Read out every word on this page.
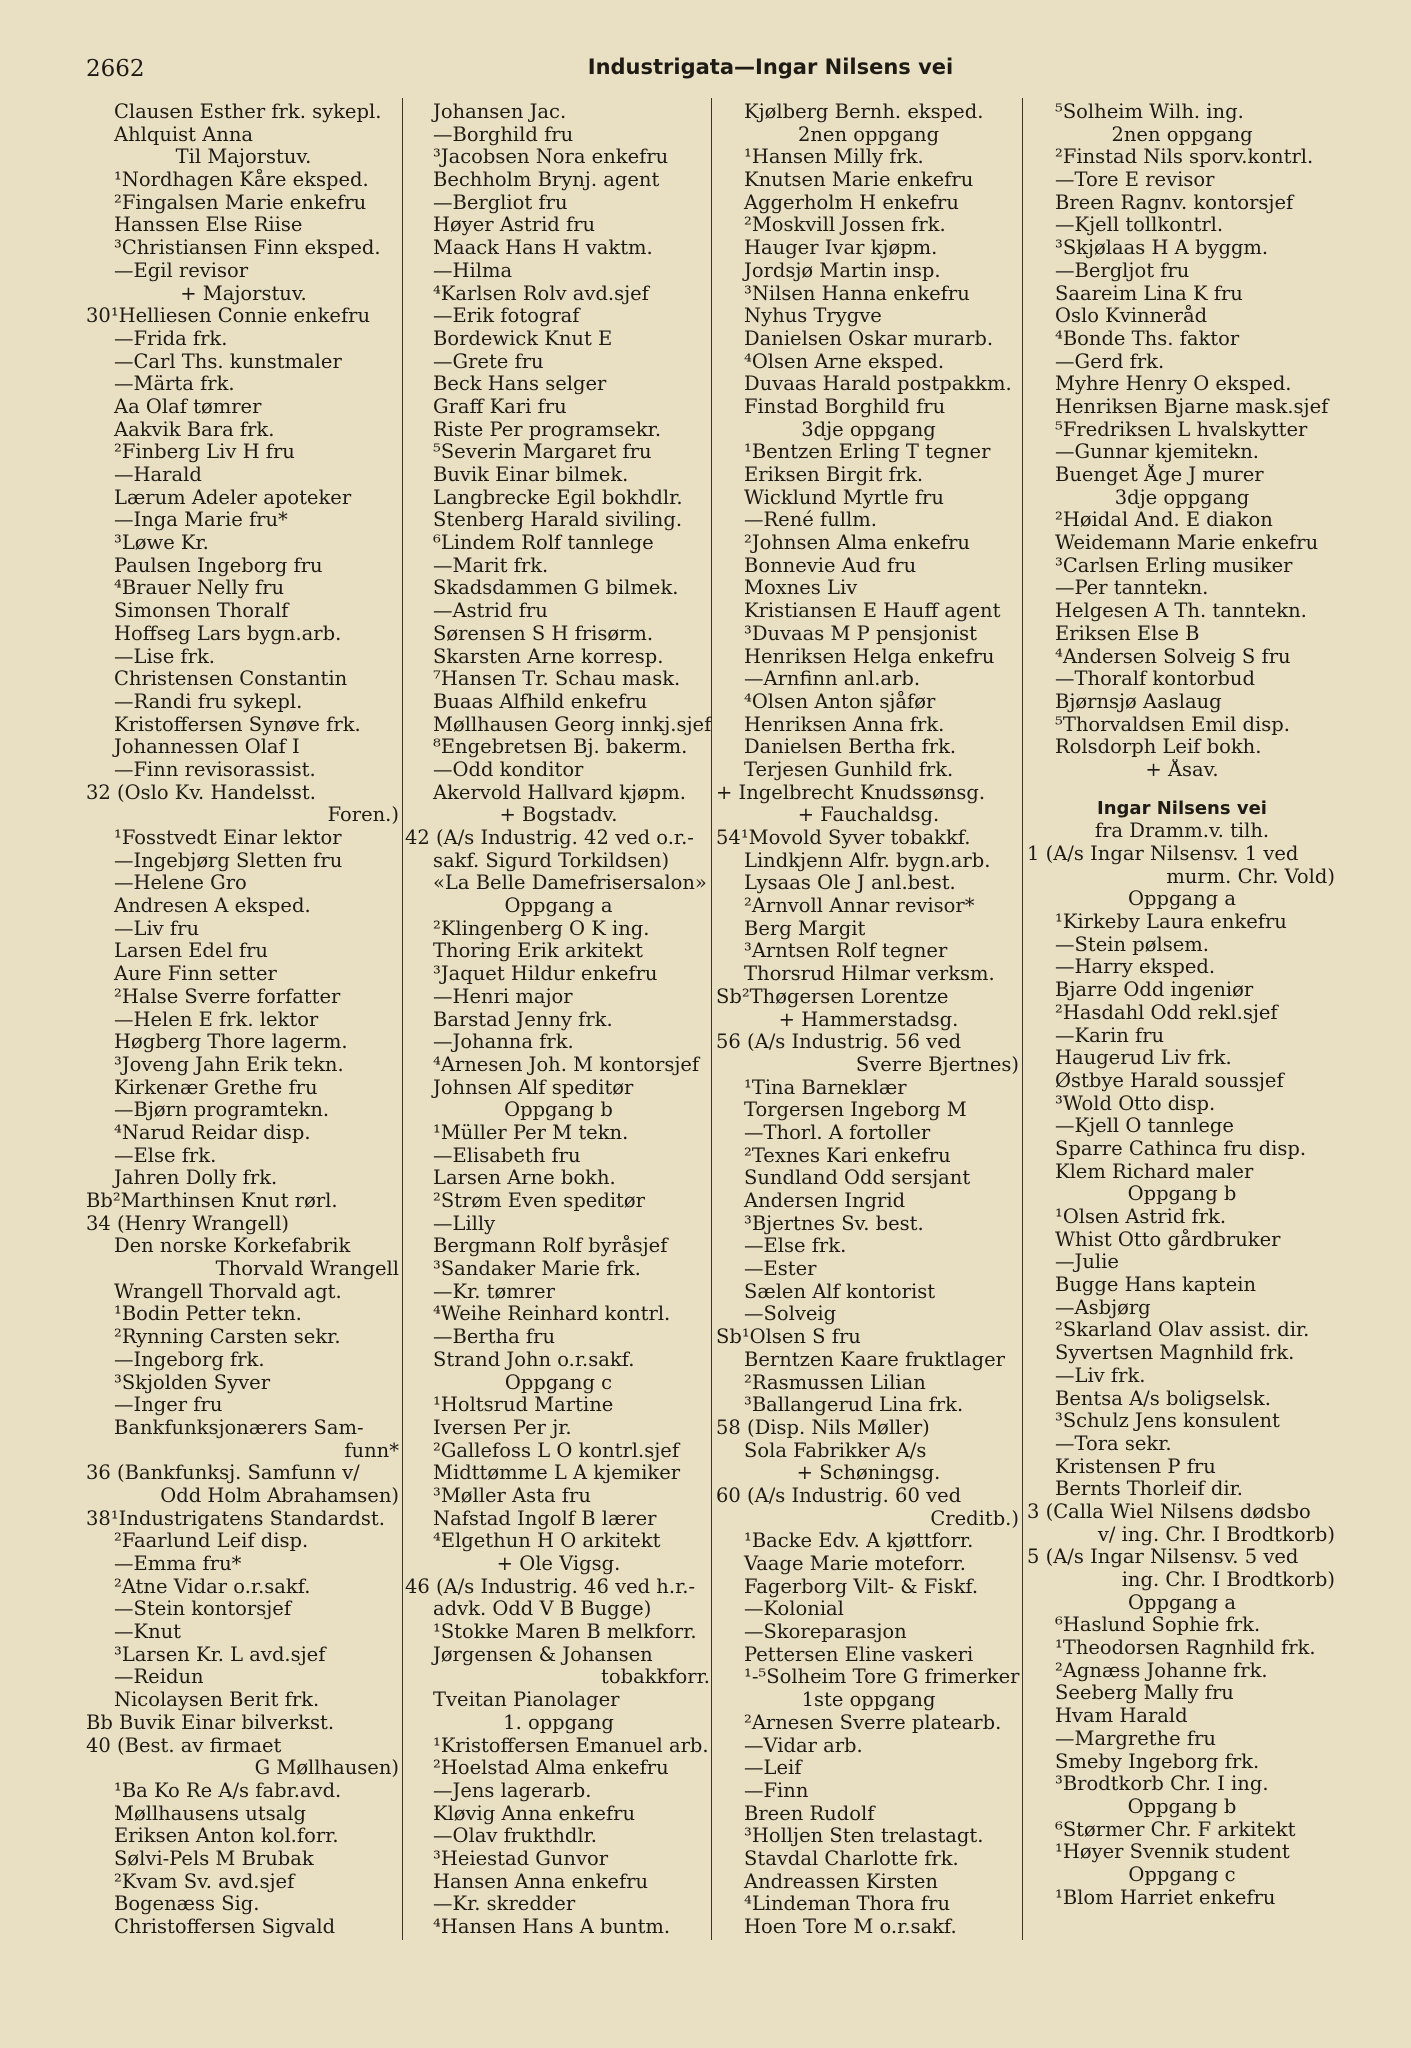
2662	Industrigata—Ingar Nilsens vei

Clausen Esther frk. sykepl.

Ahlquist Anna

Til Majorstuv.

¹Nordhagen Kåre eksped.

²Fingalsen Marie enkefru

Hanssen Else Riise

³Christiansen Finn eksped.

—Egil revisor

+ Majorstuv.

30¹Helliesen Connie enkefru

—Frida frk.

—Carl Ths. kunstmaler

—Märta frk.

Aa Olaf tømrer

Aakvik Bara frk.

²Finberg Liv H fru

—Harald

Lærum Adeler apoteker

—Inga Marie fru*

³Løwe Kr.

Paulsen Ingeborg fru

⁴Brauer Nelly fru

Simonsen Thoralf

Hoffseg Lars bygn.arb.

—Lise frk.

Christensen Constantin

—Randi fru sykepl.

Kristoffersen Synøve frk.

Johannessen Olaf I

—Finn revisorassist.

32 (Oslo Kv. Handelsst.

Foren.)

¹Fosstvedt Einar lektor

—Ingebjørg Sletten fru

—Helene Gro

Andresen A eksped.

—Liv fru

Larsen Edel fru

Aure Finn setter

²Halse Sverre forfatter

—Helen E frk. lektor

Høgberg Thore lagerm.

³Joveng Jahn Erik tekn.

Kirkenær Grethe fru

—Bjørn programtekn.

⁴Narud Reidar disp.

—Else frk.

Jahren Dolly frk.

Bb²Marthinsen Knut rørl.

34 (Henry Wrangell)

Den norske Korkefabrik

Thorvald Wrangell

Wrangell Thorvald agt.

¹Bodin Petter tekn.

²Rynning Carsten sekr.

—Ingeborg frk.

³Skjolden Syver

—Inger fru

Bankfunksjonærers Sam-

funn*

36 (Bankfunksj. Samfunn v/

Odd Holm Abrahamsen)

38¹Industrigatens Standardst.

²Faarlund Leif disp.

—Emma fru*

²Atne Vidar o.r.sakf.

—Stein kontorsjef

—Knut

³Larsen Kr. L avd.sjef

—Reidun

Nicolaysen Berit frk.

Bb Buvik Einar bilverkst.

40 (Best. av firmaet

G Møllhausen)

¹Ba Ko Re A/s fabr.avd.

Møllhausens utsalg

Eriksen Anton kol.forr.

Sølvi-Pels M Brubak

²Kvam Sv. avd.sjef

Bogenæss Sig.

Christoffersen Sigvald

Johansen Jac.

—Borghild fru

³Jacobsen Nora enkefru

Bechholm Brynj. agent

—Bergliot fru

Høyer Astrid fru

Maack Hans H vaktm.

—Hilma

⁴Karlsen Rolv avd.sjef

—Erik fotograf

Bordewick Knut E

—Grete fru

Beck Hans selger

Graff Kari fru

Riste Per programsekr.

⁵Severin Margaret fru

Buvik Einar bilmek.

Langbrecke Egil bokhdlr.

Stenberg Harald siviling.

⁶Lindem Rolf tannlege

—Marit frk.

Skadsdammen G bilmek.

—Astrid fru

Sørensen S H frisørm.

Skarsten Arne korresp.

⁷Hansen Tr. Schau mask.

Buaas Alfhild enkefru

Møllhausen Georg innkj.sjef

⁸Engebretsen Bj. bakerm.

—Odd konditor

Akervold Hallvard kjøpm.

+ Bogstadv.

42 (A/s Industrig. 42 ved o.r.-

sakf. Sigurd Torkildsen)

«La Belle Damefrisersalon»

Oppgang a

²Klingenberg O K ing.

Thoring Erik arkitekt

³Jaquet Hildur enkefru

—Henri major

Barstad Jenny frk.

—Johanna frk.

⁴Arnesen Joh. M kontorsjef

Johnsen Alf speditør

Oppgang b

¹Müller Per M tekn.

—Elisabeth fru

Larsen Arne bokh.

²Strøm Even speditør

—Lilly

Bergmann Rolf byråsjef

³Sandaker Marie frk.

—Kr. tømrer

⁴Weihe Reinhard kontrl.

—Bertha fru

Strand John o.r.sakf.

Oppgang c

¹Holtsrud Martine

Iversen Per jr.

²Gallefoss L O kontrl.sjef

Midttømme L A kjemiker

³Møller Asta fru

Nafstad Ingolf B lærer

⁴Elgethun H O arkitekt

+ Ole Vigsg.

46 (A/s Industrig. 46 ved h.r.-

advk. Odd V B Bugge)

¹Stokke Maren B melkforr.

Jørgensen & Johansen

tobakkforr.

Tveitan Pianolager

1. oppgang

¹Kristoffersen Emanuel arb.

²Hoelstad Alma enkefru

—Jens lagerarb.

Kløvig Anna enkefru

—Olav frukthdlr.

³Heiestad Gunvor

Hansen Anna enkefru

—Kr. skredder

⁴Hansen Hans A buntm.

Kjølberg Bernh. eksped.

2nen oppgang

¹Hansen Milly frk.

Knutsen Marie enkefru

Aggerholm H enkefru

²Moskvill Jossen frk.

Hauger Ivar kjøpm.

Jordsjø Martin insp.

³Nilsen Hanna enkefru

Nyhus Trygve

Danielsen Oskar murarb.

⁴Olsen Arne eksped.

Duvaas Harald postpakkm.

Finstad Borghild fru

3dje oppgang

¹Bentzen Erling T tegner

Eriksen Birgit frk.

Wicklund Myrtle fru

—René fullm.

²Johnsen Alma enkefru

Bonnevie Aud fru

Moxnes Liv

Kristiansen E Hauff agent

³Duvaas M P pensjonist

Henriksen Helga enkefru

—Arnfinn anl.arb.

⁴Olsen Anton sjåfør

Henriksen Anna frk.

Danielsen Bertha frk.

Terjesen Gunhild frk.

+ Ingelbrecht Knudssønsg.

+ Fauchaldsg.

54¹Movold Syver tobakkf.

Lindkjenn Alfr. bygn.arb.

Lysaas Ole J anl.best.

²Arnvoll Annar revisor*

Berg Margit

³Arntsen Rolf tegner

Thorsrud Hilmar verksm.

Sb²Thøgersen Lorentze

+ Hammerstadsg.

56 (A/s Industrig. 56 ved

Sverre Bjertnes)

¹Tina Barneklær

Torgersen Ingeborg M

—Thorl. A fortoller

²Texnes Kari enkefru

Sundland Odd sersjant

Andersen Ingrid

³Bjertnes Sv. best.

—Else frk.

—Ester

Sælen Alf kontorist

—Solveig

Sb¹Olsen S fru

Berntzen Kaare fruktlager

²Rasmussen Lilian

³Ballangerud Lina frk.

58 (Disp. Nils Møller)

Sola Fabrikker A/s

+ Schøningsg.

60 (A/s Industrig. 60 ved

Creditb.)

¹Backe Edv. A kjøttforr.

Vaage Marie moteforr.

Fagerborg Vilt- & Fiskf.

—Kolonial

—Skoreparasjon

Pettersen Eline vaskeri

¹-⁵Solheim Tore G frimerker

1ste oppgang

²Arnesen Sverre platearb.

—Vidar arb.

—Leif

—Finn

Breen Rudolf

³Holljen Sten trelastagt.

Stavdal Charlotte frk.

Andreassen Kirsten

⁴Lindeman Thora fru

Hoen Tore M o.r.sakf.

⁵Solheim Wilh. ing.

2nen oppgang

²Finstad Nils sporv.kontrl.

—Tore E revisor

Breen Ragnv. kontorsjef

—Kjell tollkontrl.

³Skjølaas H A byggm.

—Bergljot fru

Saareim Lina K fru

Oslo Kvinneråd

⁴Bonde Ths. faktor

—Gerd frk.

Myhre Henry O eksped.

Henriksen Bjarne mask.sjef

⁵Fredriksen L hvalskytter

—Gunnar kjemitekn.

Buenget Åge J murer

3dje oppgang

²Høidal And. E diakon

Weidemann Marie enkefru

³Carlsen Erling musiker

—Per tanntekn.

Helgesen A Th. tanntekn.

Eriksen Else B

⁴Andersen Solveig S fru

—Thoralf kontorbud

Bjørnsjø Aaslaug

⁵Thorvaldsen Emil disp.

Rolsdorph Leif bokh.

+ Åsav.

Ingar Nilsens vei

fra Dramm.v. tilh.

1 (A/s Ingar Nilsensv. 1 ved

murm. Chr. Vold)

Oppgang a

¹Kirkeby Laura enkefru

—Stein pølsem.

—Harry eksped.

Bjarre Odd ingeniør

²Hasdahl Odd rekl.sjef

—Karin fru

Haugerud Liv frk.

Østbye Harald soussjef

³Wold Otto disp.

—Kjell O tannlege

Sparre Cathinca fru disp.

Klem Richard maler

Oppgang b

¹Olsen Astrid frk.

Whist Otto gårdbruker

—Julie

Bugge Hans kaptein

—Asbjørg

²Skarland Olav assist. dir.

Syvertsen Magnhild frk.

—Liv frk.

Bentsa A/s boligselsk.

³Schulz Jens konsulent

—Tora sekr.

Kristensen P fru

Bernts Thorleif dir.

3 (Calla Wiel Nilsens dødsbo

v/ ing. Chr. I Brodtkorb)

5 (A/s Ingar Nilsensv. 5 ved

ing. Chr. I Brodtkorb)

Oppgang a

⁶Haslund Sophie frk.

¹Theodorsen Ragnhild frk.

²Agnæss Johanne frk.

Seeberg Mally fru

Hvam Harald

—Margrethe fru

Smeby Ingeborg frk.

³Brodtkorb Chr. I ing.

Oppgang b

⁶Størmer Chr. F arkitekt

¹Høyer Svennik student

Oppgang c

¹Blom Harriet enkefru
